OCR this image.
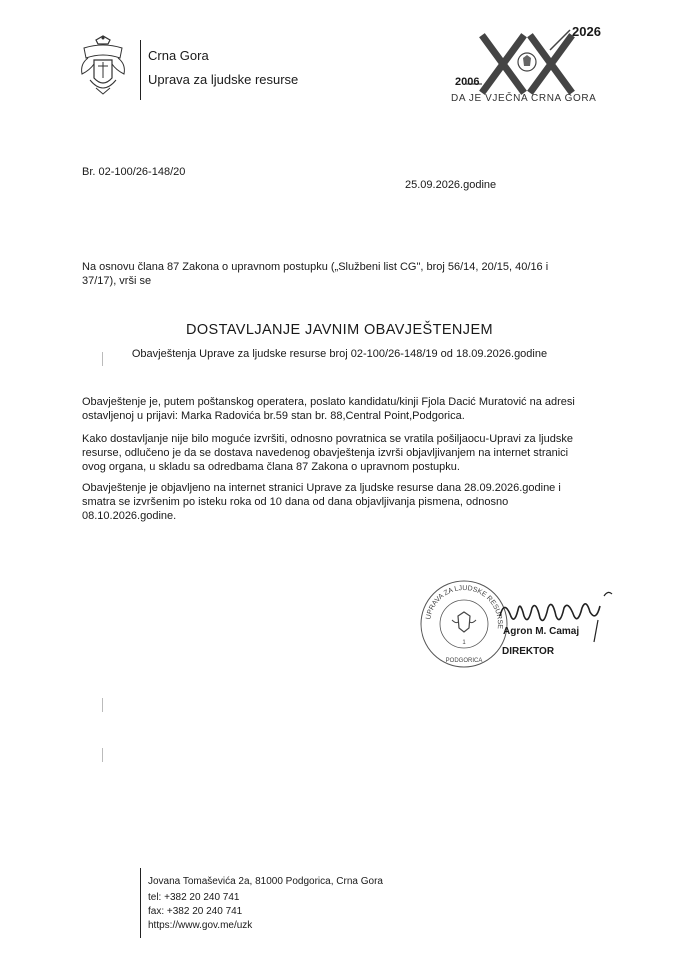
Crna Gora
Uprava za ljudske resurse
2026
2006
DA JE VJEČNA CRNA GORA
Br. 02-100/26-148/20
25.09.2026.godine

Na osnovu člana 87 Zakona o upravnom postupku („Službeni list CG", broj 56/14, 20/15, 40/16 i 37/17), vrši se

DOSTAVLJANJE JAVNIM OBAVJEŠTENJEM
Obavještenja Uprave za ljudske resurse broj 02-100/26-148/19 od 18.09.2026.godine

Obavještenje je, putem poštanskog operatera, poslato kandidatu/kinji Fjola Dacić Muratović na adresi ostavljenoj u prijavi: Marka Radovića br.59 stan br. 88,Central Point,Podgorica.

Kako dostavljanje nije bilo moguće izvršiti, odnosno povratnica se vratila pošiljaocu-Upravi za ljudske resurse, odlučeno je da se dostava navedenog obavještenja izvrši objavljivanjem na internet stranici ovog organa, u skladu sa odredbama člana 87 Zakona o upravnom postupku.

Obavještenje je objavljeno na internet stranici Uprave za ljudske resurse dana 28.09.2026.godine i smatra se izvršenim po isteku roka od 10 dana od dana objavljivanja pismena, odnosno 08.10.2026.godine.

UPRAVA ZA LJUDSKE RESURSE
1
PODGORICA
Agron M. Camaj
DIREKTOR
Jovana Tomaševića 2a, 81000 Podgorica, Crna Gora
tel: +382 20 240 741
fax: +382 20 240 741
https://www.gov.me/uzk
